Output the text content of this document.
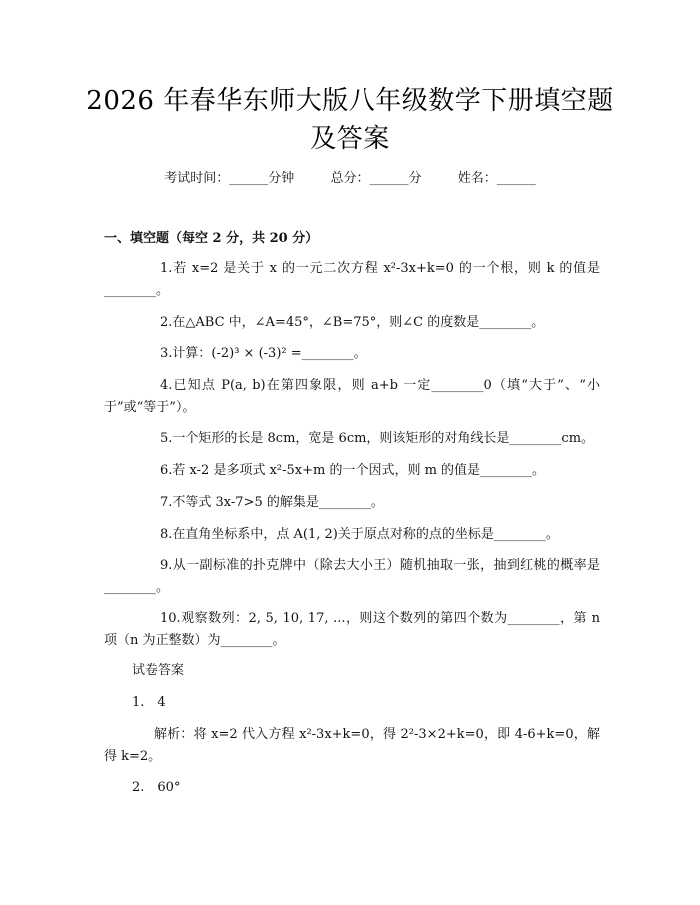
2026 年春华东师大版八年级数学下册填空题
及答案
考试时间：______分钟	总分：______分	姓名：______
一、填空题（每空 2 分，共 20 分）
1.若 x=2 是关于 x 的一元二次方程 x²-3x+k=0 的一个根，则 k 的值是________。
2.在△ABC 中，∠A=45°，∠B=75°，则∠C 的度数是________。
3.计算：(-2)³ × (-3)² =________。
4.已知点 P(a, b)在第四象限，则 a+b 一定________0（填“大于”、“小于”或“等于”）。
5.一个矩形的长是 8cm，宽是 6cm，则该矩形的对角线长是________cm。
6.若 x-2 是多项式 x²-5x+m 的一个因式，则 m 的值是________。
7.不等式 3x-7>5 的解集是________。
8.在直角坐标系中，点 A(1, 2)关于原点对称的点的坐标是________。
9.从一副标准的扑克牌中（除去大小王）随机抽取一张，抽到红桃的概率是________。
10.观察数列：2, 5, 10, 17, ...，则这个数列的第四个数为________，第 n 项（n 为正整数）为________。
试卷答案
1.　4
解析：将 x=2 代入方程 x²-3x+k=0，得 2²-3×2+k=0，即 4-6+k=0，解得 k=2。
2.　60°
